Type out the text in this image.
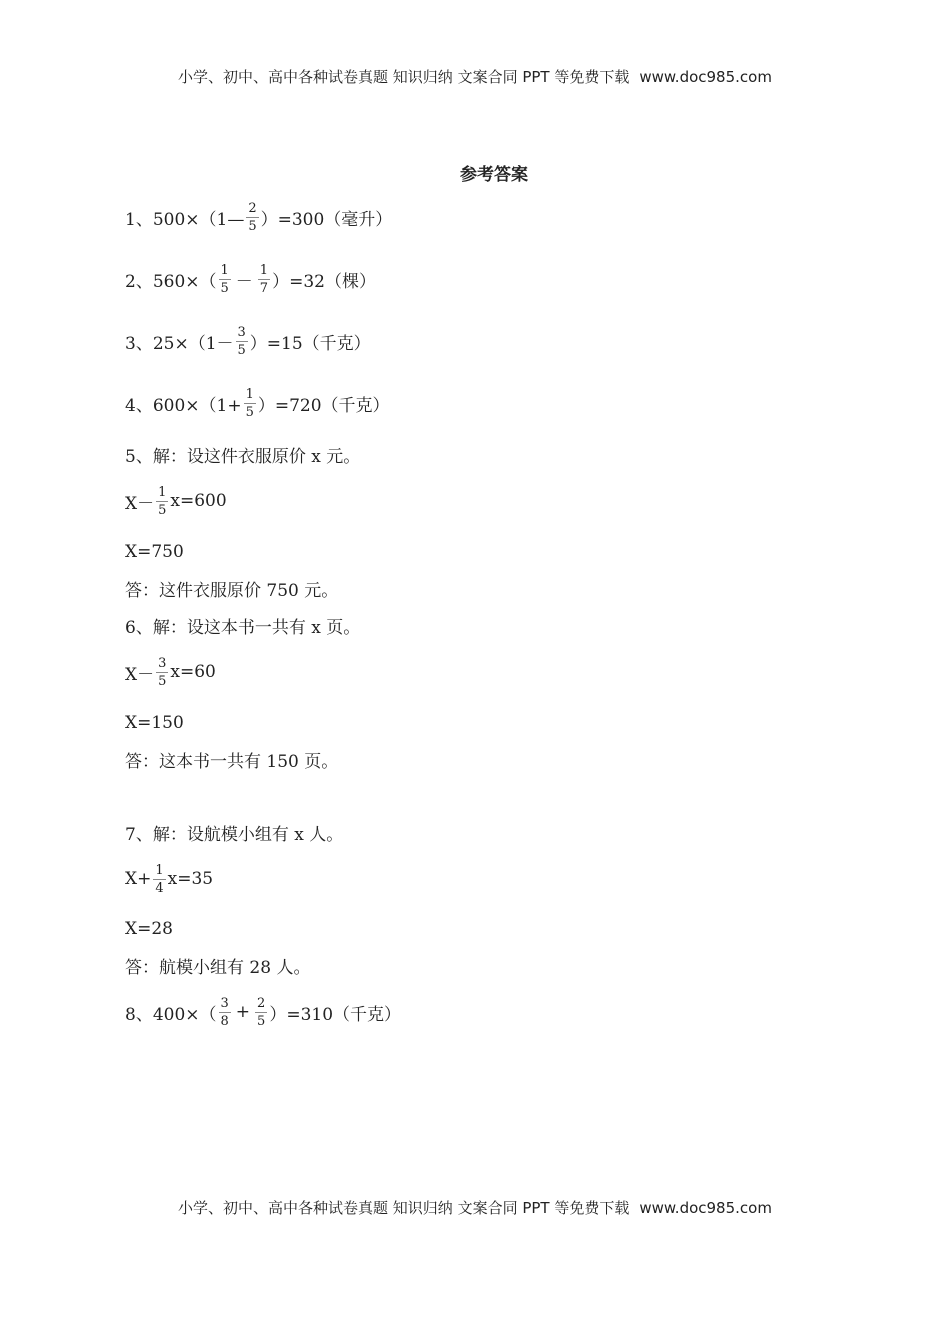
小学、初中、高中各种试卷真题 知识归纳 文案合同 PPT 等免费下载 www.doc985.com
参考答案
1、500×（1— $\frac{2}{5} )=300$（毫升）
2、$560\times( \frac{1}{5} - \frac{1}{7} )=32$（棵）
3、$25\times(1- \frac{3}{5} )=15$（千克）
4、$600\times(1+ \frac{1}{5} )=720$（千克）
5、解：设这件衣服原价 x 元。
$X- \frac{1}{5} x=600$
X=750
答：这件衣服原价 750 元。
6、解：设这本书一共有 x 页。
$X- \frac{3}{5} x=60$
X=150
答：这本书一共有 150 页。
7、解：设航模小组有 x 人。
$X+ \frac{1}{4} x=35$
X=28
答：航模小组有 28 人。
8、$400\times( \frac{3}{8} + \frac{2}{5} )=310$（千克）
小学、初中、高中各种试卷真题 知识归纳 文案合同 PPT 等免费下载 www.doc985.com
